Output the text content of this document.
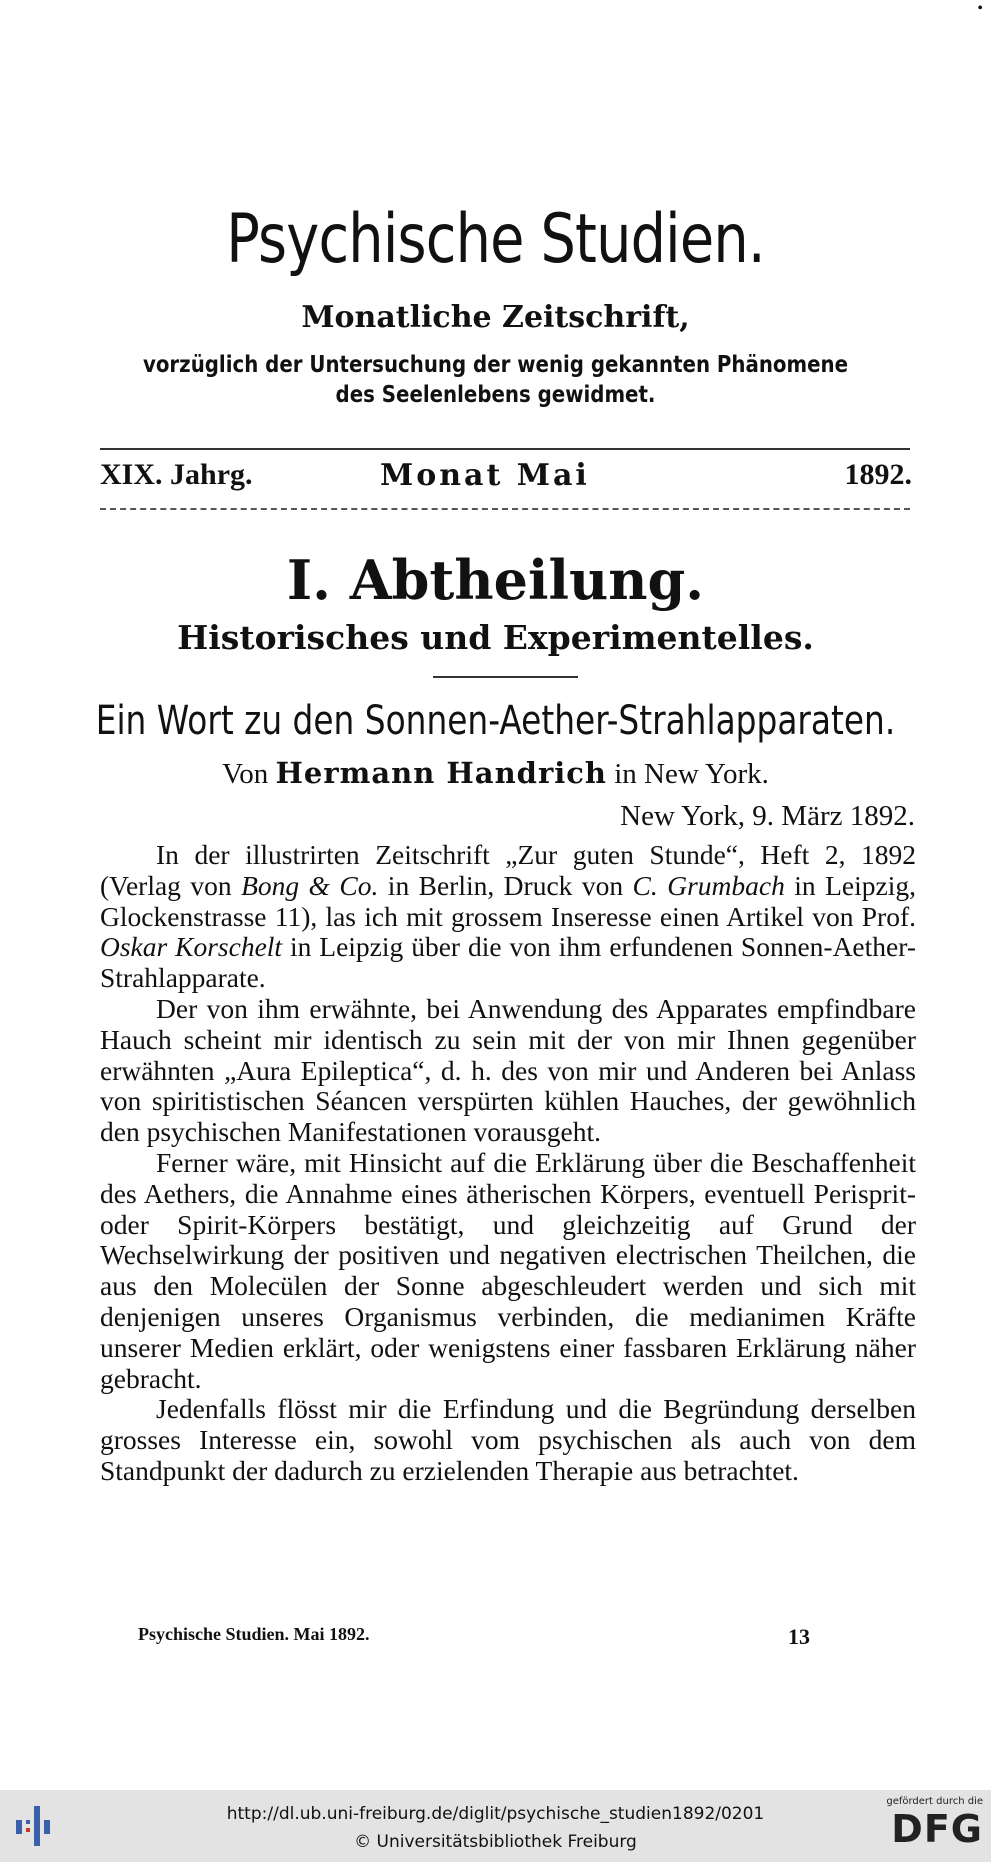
•
Psychische Studien.
Monatliche Zeitschrift,
vorzüglich der Untersuchung der wenig gekannten Phänomene
des Seelenlebens gewidmet.
XIX. Jahrg.	Monat Mai	1892.
I. Abtheilung.
Historisches und Experimentelles.
Ein Wort zu den Sonnen-Aether-Strahlapparaten.
Von Hermann Handrich in New York.
New York, 9. März 1892.

In der illustrirten Zeitschrift „Zur guten Stunde“, Heft 2, 1892 (Verlag von Bong & Co. in Berlin, Druck von C. Grumbach in Leipzig, Glockenstrasse 11), las ich mit grossem Inseresse einen Artikel von Prof. Oskar Korschelt in Leipzig über die von ihm erfundenen Sonnen-Aether-Strahlapparate.

Der von ihm erwähnte, bei Anwendung des Apparates empfindbare Hauch scheint mir identisch zu sein mit der von mir Ihnen gegenüber erwähnten „Aura Epileptica“, d. h. des von mir und Anderen bei Anlass von spiritistischen Séancen verspürten kühlen Hauches, der gewöhnlich den psychischen Manifestationen vorausgeht.

Ferner wäre, mit Hinsicht auf die Erklärung über die Beschaffenheit des Aethers, die Annahme eines ätherischen Körpers, eventuell Perisprit- oder Spirit-Körpers bestätigt, und gleichzeitig auf Grund der Wechselwirkung der positiven und negativen electrischen Theilchen, die aus den Molecülen der Sonne abgeschleudert werden und sich mit denjenigen unseres Organismus verbinden, die medianimen Kräfte unserer Medien erklärt, oder wenigstens einer fassbaren Erklärung näher gebracht.

Jedenfalls flösst mir die Erfindung und die Begründung derselben grosses Interesse ein, sowohl vom psychischen als auch von dem Standpunkt der dadurch zu erzielenden Therapie aus betrachtet.

Psychische Studien. Mai 1892.	13
http://dl.ub.uni-freiburg.de/diglit/psychische_studien1892/0201
© Universitätsbibliothek Freiburg
gefördert durch die
DFG
